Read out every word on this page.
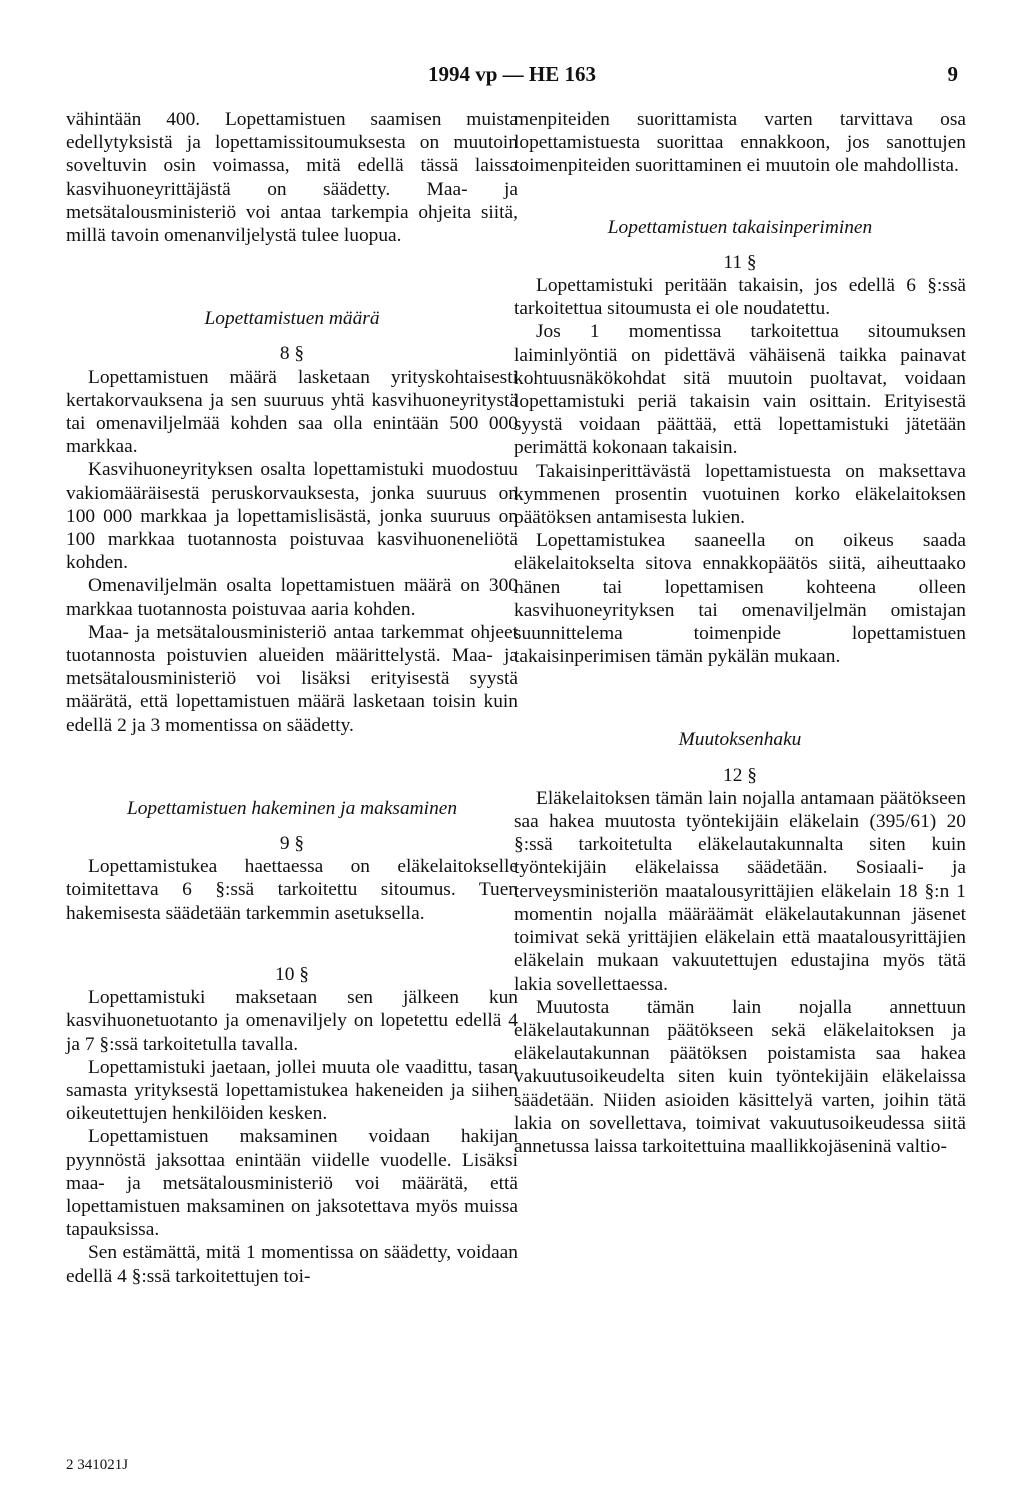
1994 vp — HE 163	9

vähintään 400. Lopettamistuen saamisen muista edellytyksistä ja lopettamissitoumuksesta on muutoin soveltuvin osin voimassa, mitä edellä tässä laissa kasvihuoneyrittäjästä on säädetty. Maa- ja metsätalousministeriö voi antaa tarkempia ohjeita siitä, millä tavoin omenanviljelystä tulee luopua.

Lopettamistuen määrä

8 §

Lopettamistuen määrä lasketaan yrityskohtaisesti kertakorvauksena ja sen suuruus yhtä kasvihuoneyritystä tai omenaviljelmää kohden saa olla enintään 500 000 markkaa.

Kasvihuoneyrityksen osalta lopettamistuki muodostuu vakiomääräisestä peruskorvauksesta, jonka suuruus on 100 000 markkaa ja lopettamislisästä, jonka suuruus on 100 markkaa tuotannosta poistuvaa kasvihuoneneliötä kohden.

Omenaviljelmän osalta lopettamistuen määrä on 300 markkaa tuotannosta poistuvaa aaria kohden.

Maa- ja metsätalousministeriö antaa tarkemmat ohjeet tuotannosta poistuvien alueiden määrittelystä. Maa- ja metsätalousministeriö voi lisäksi erityisestä syystä määrätä, että lopettamistuen määrä lasketaan toisin kuin edellä 2 ja 3 momentissa on säädetty.

Lopettamistuen hakeminen ja maksaminen

9 §

Lopettamistukea haettaessa on eläkelaitokselle toimitettava 6 §:ssä tarkoitettu sitoumus. Tuen hakemisesta säädetään tarkemmin asetuksella.

10 §

Lopettamistuki maksetaan sen jälkeen kun kasvihuonetuotanto ja omenaviljely on lopetettu edellä 4 ja 7 §:ssä tarkoitetulla tavalla.

Lopettamistuki jaetaan, jollei muuta ole vaadittu, tasan samasta yrityksestä lopettamistukea hakeneiden ja siihen oikeutettujen henkilöiden kesken.

Lopettamistuen maksaminen voidaan hakijan pyynnöstä jaksottaa enintään viidelle vuodelle. Lisäksi maa- ja metsätalousministeriö voi määrätä, että lopettamistuen maksaminen on jaksotettava myös muissa tapauksissa.

Sen estämättä, mitä 1 momentissa on säädetty, voidaan edellä 4 §:ssä tarkoitettujen toi-

menpiteiden suorittamista varten tarvittava osa lopettamistuesta suorittaa ennakkoon, jos sanottujen toimenpiteiden suorittaminen ei muutoin ole mahdollista.

Lopettamistuen takaisinperiminen

11 §

Lopettamistuki peritään takaisin, jos edellä 6 §:ssä tarkoitettua sitoumusta ei ole noudatettu.

Jos 1 momentissa tarkoitettua sitoumuksen laiminlyöntiä on pidettävä vähäisenä taikka painavat kohtuusnäkökohdat sitä muutoin puoltavat, voidaan lopettamistuki periä takaisin vain osittain. Erityisestä syystä voidaan päättää, että lopettamistuki jätetään perimättä kokonaan takaisin.

Takaisinperittävästä lopettamistuesta on maksettava kymmenen prosentin vuotuinen korko eläkelaitoksen päätöksen antamisesta lukien.

Lopettamistukea saaneella on oikeus saada eläkelaitokselta sitova ennakkopäätös siitä, aiheuttaako hänen tai lopettamisen kohteena olleen kasvihuoneyrityksen tai omenaviljelmän omistajan suunnittelema toimenpide lopettamistuen takaisinperimisen tämän pykälän mukaan.

Muutoksenhaku

12 §

Eläkelaitoksen tämän lain nojalla antamaan päätökseen saa hakea muutosta työntekijäin eläkelain (395/61) 20 §:ssä tarkoitetulta eläkelautakunnalta siten kuin työntekijäin eläkelaissa säädetään. Sosiaali- ja terveysministeriön maatalousyrittäjien eläkelain 18 §:n 1 momentin nojalla määräämät eläkelautakunnan jäsenet toimivat sekä yrittäjien eläkelain että maatalousyrittäjien eläkelain mukaan vakuutettujen edustajina myös tätä lakia sovellettaessa.

Muutosta tämän lain nojalla annettuun eläkelautakunnan päätökseen sekä eläkelaitoksen ja eläkelautakunnan päätöksen poistamista saa hakea vakuutusoikeudelta siten kuin työntekijäin eläkelaissa säädetään. Niiden asioiden käsittelyä varten, joihin tätä lakia on sovellettava, toimivat vakuutusoikeudessa siitä annetussa laissa tarkoitettuina maallikkojäseninä valtio-

2 341021J
